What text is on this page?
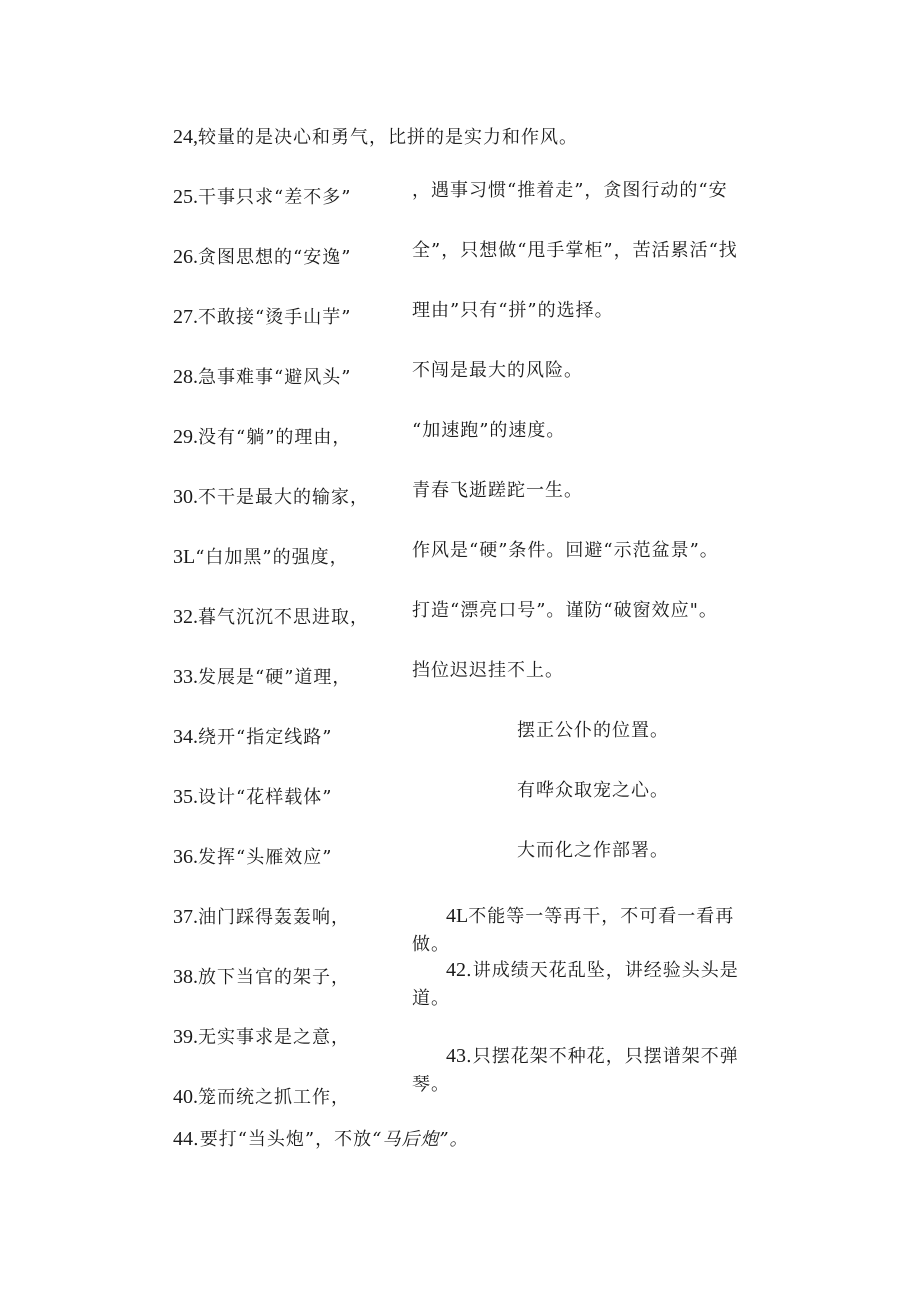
24,较量的是决心和勇气，比拼的是实力和作风。
25.干事只求“差不多”
26.贪图思想的“安逸”
27.不敢接“烫手山芋”
28.急事难事“避风头”
29.没有“躺”的理由，
30.不干是最大的输家，
3L“白加黑”的强度，
32.暮气沉沉不思进取，
33.发展是“硬”道理，
34.绕开“指定线路”
35.设计“花样载体”
36.发挥“头雁效应”
37.油门踩得轰轰响，
38.放下当官的架子，
39.无实事求是之意，
40.笼而统之抓工作，
，遇事习惯“推着走”，贪图行动的“安
全”，只想做“甩手掌柜”，苦活累活“找
理由”只有“拼”的选择。
不闯是最大的风险。
“加速跑”的速度。
青春飞逝蹉跎一生。
作风是“硬”条件。回避“示范盆景”。
打造“漂亮口号”。谨防“破窗效应"。
挡位迟迟挂不上。
摆正公仆的位置。
有哗众取宠之心。
大而化之作部署。
4L不能等一等再干，不可看一看再做。
42.讲成绩天花乱坠，讲经验头头是道。
43.只摆花架不种花，只摆谱架不弹琴。
44.要打“当头炮”，不放“马后炮”。
